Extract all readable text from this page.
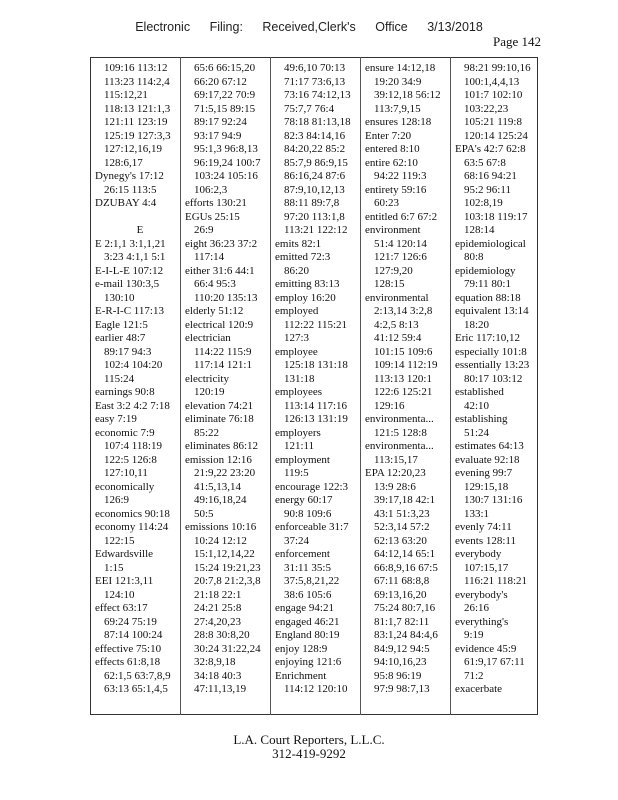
Electronic Filing: Received,Clerk's Office 3/13/2018
Page 142
109:16 113:12
113:23 114:2,4
115:12,21
118:13 121:1,3
121:11 123:19
125:19 127:3,3
127:12,16,19
128:6,17
Dynegy's 17:12
26:15 113:5
DZUBAY 4:4
E
E 2:1,1 3:1,1,21
3:23 4:1,1 5:1
E-I-L-E 107:12
e-mail 130:3,5
130:10
E-R-I-C 117:13
Eagle 121:5
earlier 48:7
89:17 94:3
102:4 104:20
115:24
earnings 90:8
East 3:2 4:2 7:18
easy 7:19
economic 7:9
107:4 118:19
122:5 126:8
127:10,11
economically
126:9
economics 90:18
economy 114:24
122:15
Edwardsville
1:15
EEI 121:3,11
124:10
effect 63:17
69:24 75:19
87:14 100:24
effective 75:10
effects 61:8,18
62:1,5 63:7,8,9
63:13 65:1,4,5
65:6 66:15,20
66:20 67:12
69:17,22 70:9
71:5,15 89:15
89:17 92:24
93:17 94:9
95:1,3 96:8,13
96:19,24 100:7
103:24 105:16
106:2,3
efforts 130:21
EGUs 25:15
26:9
eight 36:23 37:2
117:14
either 31:6 44:1
66:4 95:3
110:20 135:13
elderly 51:12
electrical 120:9
electrician
114:22 115:9
117:14 121:1
electricity
120:19
elevation 74:21
eliminate 76:18
85:22
eliminates 86:12
emission 12:16
21:9,22 23:20
41:5,13,14
49:16,18,24
50:5
emissions 10:16
10:24 12:12
15:1,12,14,22
15:24 19:21,23
20:7,8 21:2,3,8
21:18 22:1
24:21 25:8
27:4,20,23
28:8 30:8,20
30:24 31:22,24
32:8,9,18
34:18 40:3
47:11,13,19
49:6,10 70:13
71:17 73:6,13
73:16 74:12,13
75:7,7 76:4
78:18 81:13,18
82:3 84:14,16
84:20,22 85:2
85:7,9 86:9,15
86:16,24 87:6
87:9,10,12,13
88:11 89:7,8
97:20 113:1,8
113:21 122:12
emits 82:1
emitted 72:3
86:20
emitting 83:13
employ 16:20
employed
112:22 115:21
127:3
employee
125:18 131:18
131:18
employees
113:14 117:16
126:13 131:19
employers
121:11
employment
119:5
encourage 122:3
energy 60:17
90:8 109:6
enforceable 31:7
37:24
enforcement
31:11 35:5
37:5,8,21,22
38:6 105:6
engage 94:21
engaged 46:21
England 80:19
enjoy 128:9
enjoying 121:6
Enrichment
114:12 120:10
ensure 14:12,18
19:20 34:9
39:12,18 56:12
113:7,9,15
ensures 128:18
Enter 7:20
entered 8:10
entire 62:10
94:22 119:3
entirety 59:16
60:23
entitled 6:7 67:2
environment
51:4 120:14
121:7 126:6
127:9,20
128:15
environmental
2:13,14 3:2,8
4:2,5 8:13
41:12 59:4
101:15 109:6
109:14 112:19
113:13 120:1
122:6 125:21
129:16
environmenta...
121:5 128:8
environmenta...
113:15,17
EPA 12:20,23
13:9 28:6
39:17,18 42:1
43:1 51:3,23
52:3,14 57:2
62:13 63:20
64:12,14 65:1
66:8,9,16 67:5
67:11 68:8,8
69:13,16,20
75:24 80:7,16
81:1,7 82:11
83:1,24 84:4,6
84:9,12 94:5
94:10,16,23
95:8 96:19
97:9 98:7,13
98:21 99:10,16
100:1,4,4,13
101:7 102:10
103:22,23
105:21 119:8
120:14 125:24
EPA's 42:7 62:8
63:5 67:8
68:16 94:21
95:2 96:11
102:8,19
103:18 119:17
128:14
epidemiological
80:8
epidemiology
79:11 80:1
equation 88:18
equivalent 13:14
18:20
Eric 117:10,12
especially 101:8
essentially 13:23
80:17 103:12
established
42:10
establishing
51:24
estimates 64:13
evaluate 92:18
evening 99:7
129:15,18
130:7 131:16
133:1
evenly 74:11
events 128:11
everybody
107:15,17
116:21 118:21
everybody's
26:16
everything's
9:19
evidence 45:9
61:9,17 67:11
71:2
exacerbate
L.A. Court Reporters, L.L.C.
312-419-9292
